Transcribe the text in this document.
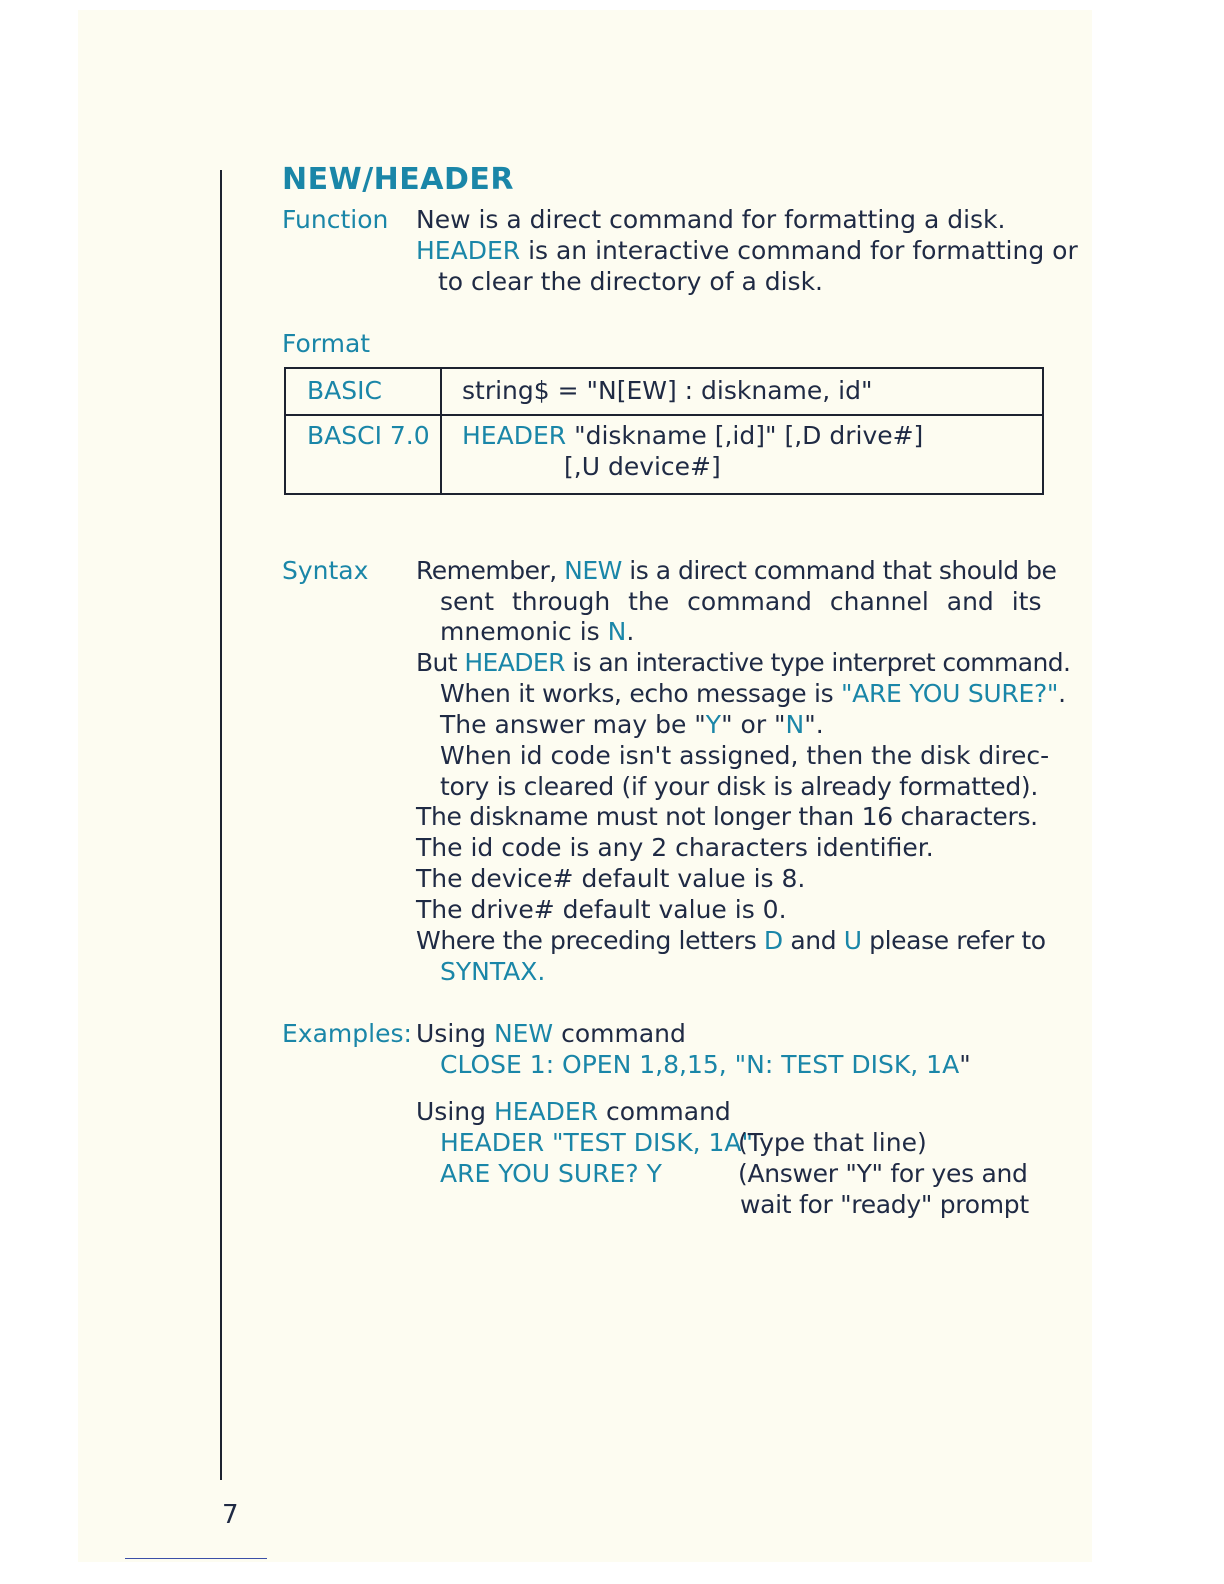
NEW/HEADER
Function New is a direct command for formatting a disk.
HEADER is an interactive command for formatting or
to clear the directory of a disk.
Format
BASIC	string$ = "N[EW] : diskname, id"
BASCI 7.0 HEADER "diskname [,id]" [,D drive#]
[,U device#]
Syntax Remember, NEW is a direct command that should be
sent through the command channel and its
mnemonic is N.
But HEADER is an interactive type interpret command.
When it works, echo message is "ARE YOU SURE?".
The answer may be "Y" or "N".
When id code isn't assigned, then the disk direc-
tory is cleared (if your disk is already formatted).
The diskname must not longer than 16 characters.
The id code is any 2 characters identifier.
The device# default value is 8.
The drive# default value is 0.
Where the preceding letters D and U please refer to
SYNTAX.
Examples: Using NEW command
CLOSE 1: OPEN 1,8,15, "N: TEST DISK, 1A"
Using HEADER command
HEADER "TEST DISK, 1A"
(Type that line)
ARE YOU SURE? Y	(Answer "Y" for yes and
wait for "ready" prompt
7
